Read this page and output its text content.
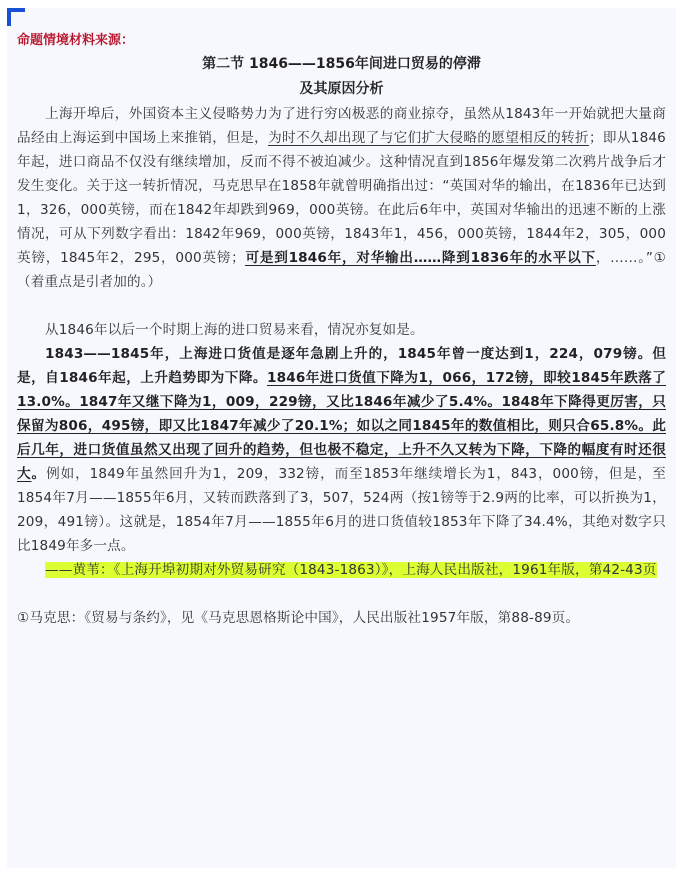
命题情境材料来源：
第二节 1846——1856年间进口贸易的停滞
及其原因分析
上海开埠后，外国资本主义侵略势力为了进行穷凶极恶的商业掠夺，虽然从1843年一开始就把大量商品经由上海运到中国场上来推销，但是，为时不久却出现了与它们扩大侵略的愿望相反的转折；即从1846年起，进口商品不仅没有继续增加，反而不得不被迫减少。这种情况直到1856年爆发第二次鸦片战争后才发生变化。关于这一转折情况，马克思早在1858年就曾明确指出过：“英国对华的输出，在1836年已达到1，326，000英镑，而在1842年却跌到969，000英镑。在此后6年中，英国对华输出的迅速不断的上涨情况，可从下列数字看出：1842年969，000英镑，1843年1，456，000英镑，1844年2，305，000英镑，1845年2，295，000英镑；可是到1846年，对华输出……降到1836年的水平以下，……。”①（着重点是引者加的。）
从1846年以后一个时期上海的进口贸易来看，情况亦复如是。
1843——1845年，上海进口货值是逐年急剧上升的，1845年曾一度达到1，224，079镑。但是，自1846年起，上升趋势即为下降。1846年进口货值下降为1，066，172镑，即较1845年跌落了13.0%。1847年又继下降为1，009，229镑，又比1846年减少了5.4%。1848年下降得更厉害，只保留为806，495镑，即又比1847年减少了20.1%；如以之同1845年的数值相比，则只合65.8%。此后几年，进口货值虽然又出现了回升的趋势，但也极不稳定，上升不久又转为下降，下降的幅度有时还很大。例如，1849年虽然回升为1，209，332镑，而至1853年继续增长为1，843，000镑，但是，至1854年7月——1855年6月，又转而跌落到了3，507，524两（按1镑等于2.9两的比率，可以折换为1，209，491镑）。这就是，1854年7月——1855年6月的进口货值较1853年下降了34.4%，其绝对数字只比1849年多一点。
——黄苇：《上海开埠初期对外贸易研究（1843-1863）》，上海人民出版社，1961年版，第42-43页
①马克思：《贸易与条约》，见《马克思恩格斯论中国》，人民出版社1957年版，第88-89页。
